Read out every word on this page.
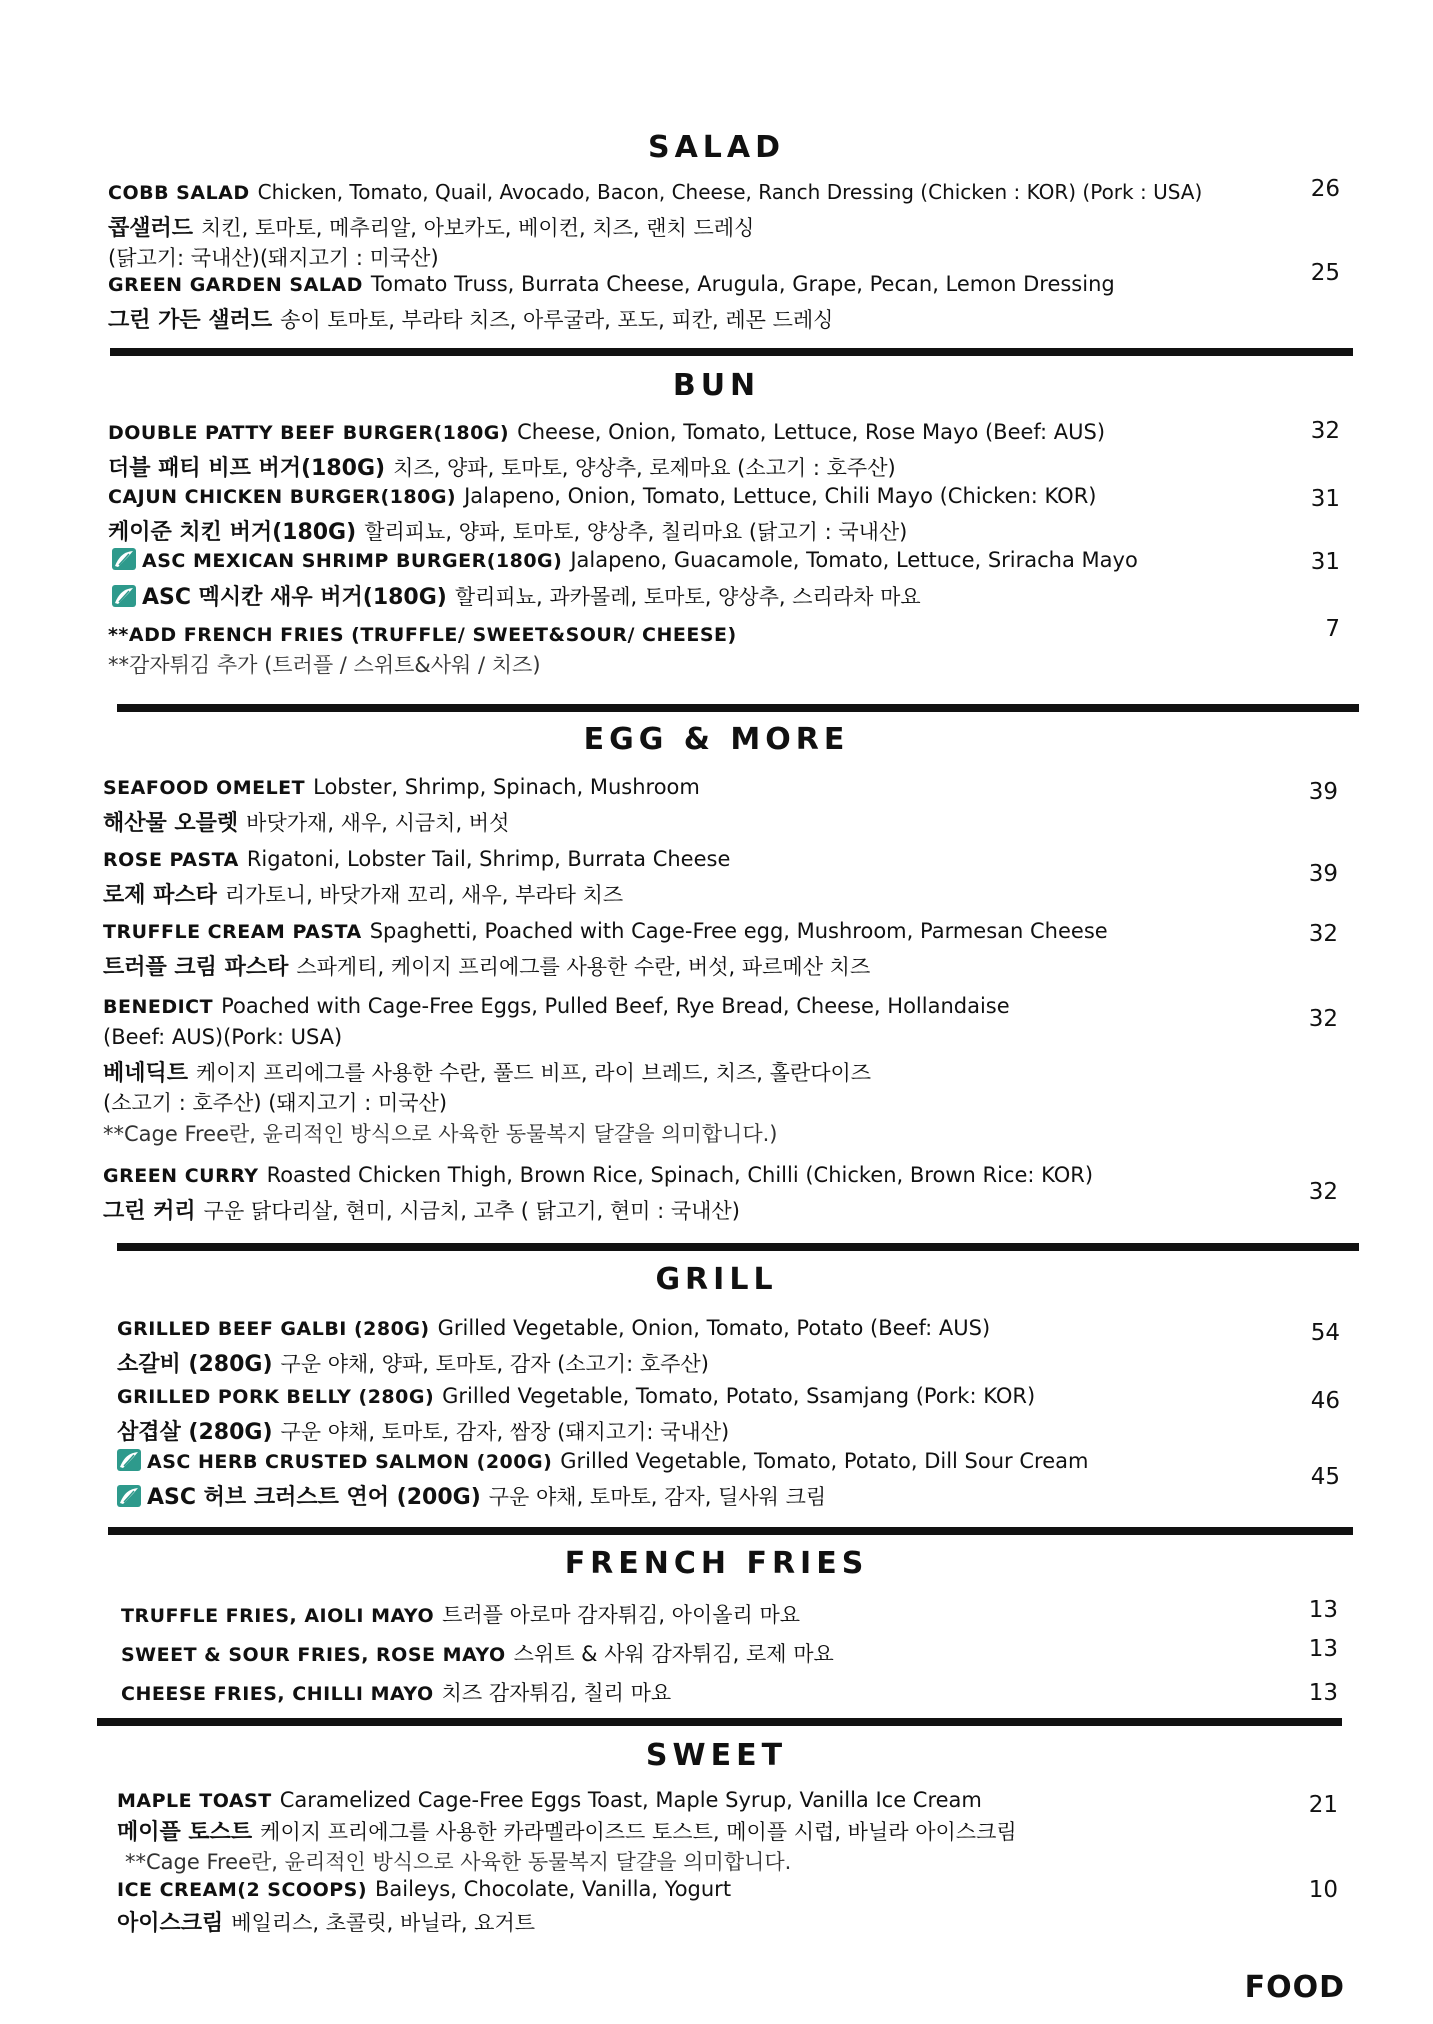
SALAD
COBB SALAD Chicken, Tomato, Quail, Avocado, Bacon, Cheese, Ranch Dressing (Chicken : KOR) (Pork : USA)
콥샐러드 치킨, 토마토, 메추리알, 아보카도, 베이컨, 치즈, 랜치 드레싱
(닭고기: 국내산)(돼지고기 : 미국산)
26
GREEN GARDEN SALAD Tomato Truss, Burrata Cheese, Arugula, Grape, Pecan, Lemon Dressing
그린 가든 샐러드 송이 토마토, 부라타 치즈, 아루굴라, 포도, 피칸, 레몬 드레싱
25
BUN
DOUBLE PATTY BEEF BURGER(180G) Cheese, Onion, Tomato, Lettuce, Rose Mayo (Beef: AUS)
더블 패티 비프 버거(180G) 치즈, 양파, 토마토, 양상추, 로제마요 (소고기 : 호주산)
32
CAJUN CHICKEN BURGER(180G) Jalapeno, Onion, Tomato, Lettuce, Chili Mayo (Chicken: KOR)
케이준 치킨 버거(180G) 할리피뇨, 양파, 토마토, 양상추, 칠리마요 (닭고기 : 국내산)
31
ASC MEXICAN SHRIMP BURGER(180G) Jalapeno, Guacamole, Tomato, Lettuce, Sriracha Mayo
ASC 멕시칸 새우 버거(180G) 할리피뇨, 과카몰레, 토마토, 양상추, 스리라차 마요
31
**ADD FRENCH FRIES (TRUFFLE/ SWEET&SOUR/ CHEESE)
**감자튀김 추가 (트러플 / 스위트&사워 / 치즈)
7
EGG & MORE
SEAFOOD OMELET Lobster, Shrimp, Spinach, Mushroom
해산물 오믈렛 바닷가재, 새우, 시금치, 버섯
39
ROSE PASTA Rigatoni, Lobster Tail, Shrimp, Burrata Cheese
로제 파스타 리가토니, 바닷가재 꼬리, 새우, 부라타 치즈
39
TRUFFLE CREAM PASTA Spaghetti, Poached with Cage-Free egg, Mushroom, Parmesan Cheese
트러플 크림 파스타 스파게티, 케이지 프리에그를 사용한 수란, 버섯, 파르메산 치즈
32
BENEDICT Poached with Cage-Free Eggs, Pulled Beef, Rye Bread, Cheese, Hollandaise
(Beef: AUS)(Pork: USA)
베네딕트 케이지 프리에그를 사용한 수란, 풀드 비프, 라이 브레드, 치즈, 홀란다이즈
(소고기 : 호주산) (돼지고기 : 미국산)
**Cage Free란, 윤리적인 방식으로 사육한 동물복지 달걀을 의미합니다.)
32
GREEN CURRY Roasted Chicken Thigh, Brown Rice, Spinach, Chilli (Chicken, Brown Rice: KOR)
그린 커리 구운 닭다리살, 현미, 시금치, 고추 ( 닭고기, 현미 : 국내산)
32
GRILL
GRILLED BEEF GALBI (280G) Grilled Vegetable, Onion, Tomato, Potato (Beef: AUS)
소갈비 (280G) 구운 야채, 양파, 토마토, 감자 (소고기: 호주산)
54
GRILLED PORK BELLY (280G) Grilled Vegetable, Tomato, Potato, Ssamjang (Pork: KOR)
삼겹살 (280G) 구운 야채, 토마토, 감자, 쌈장 (돼지고기: 국내산)
46
ASC HERB CRUSTED SALMON (200G) Grilled Vegetable, Tomato, Potato, Dill Sour Cream
ASC 허브 크러스트 연어 (200G) 구운 야채, 토마토, 감자, 딜사워 크림
45
FRENCH FRIES
TRUFFLE FRIES, AIOLI MAYO 트러플 아로마 감자튀김, 아이올리 마요	13
SWEET & SOUR FRIES, ROSE MAYO 스위트 & 사워 감자튀김, 로제 마요	13
CHEESE FRIES, CHILLI MAYO 치즈 감자튀김, 칠리 마요	13
SWEET
MAPLE TOAST Caramelized Cage-Free Eggs Toast, Maple Syrup, Vanilla Ice Cream
메이플 토스트 케이지 프리에그를 사용한 카라멜라이즈드 토스트, 메이플 시럽, 바닐라 아이스크림
**Cage Free란, 윤리적인 방식으로 사육한 동물복지 달걀을 의미합니다.
21
ICE CREAM(2 SCOOPS) Baileys, Chocolate, Vanilla, Yogurt
아이스크림 베일리스, 초콜릿, 바닐라, 요거트
10
FOOD
